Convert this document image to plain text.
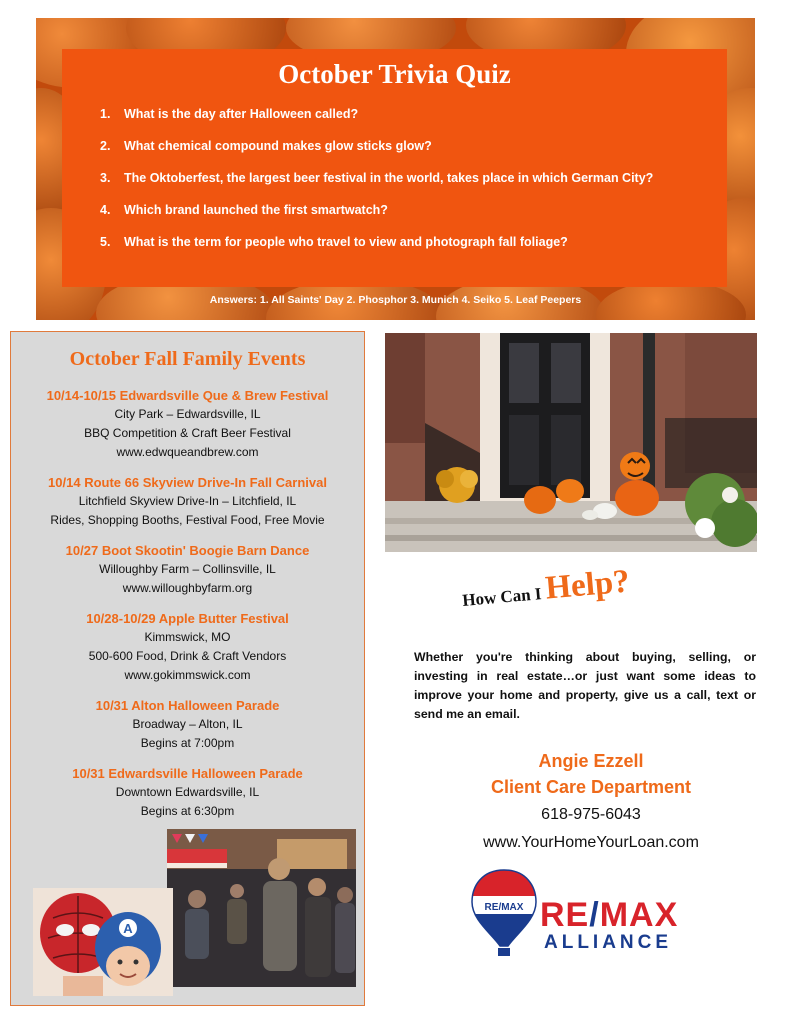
October Trivia Quiz
1. What is the day after Halloween called?
2. What chemical compound makes glow sticks glow?
3. The Oktoberfest, the largest beer festival in the world, takes place in which German City?
4. Which brand launched the first smartwatch?
5. What is the term for people who travel to view and photograph fall foliage?
Answers: 1. All Saints' Day 2. Phosphor 3. Munich 4. Seiko 5. Leaf Peepers
October Fall Family Events
10/14-10/15 Edwardsville Que & Brew Festival
City Park – Edwardsville, IL
BBQ Competition & Craft Beer Festival
www.edwqueandbrew.com
10/14 Route 66 Skyview Drive-In Fall Carnival
Litchfield Skyview Drive-In – Litchfield, IL
Rides, Shopping Booths, Festival Food, Free Movie
10/27 Boot Skootin' Boogie Barn Dance
Willoughby Farm – Collinsville, IL
www.willoughbyfarm.org
10/28-10/29 Apple Butter Festival
Kimmswick, MO
500-600 Food, Drink & Craft Vendors
www.gokimmswick.com
10/31 Alton Halloween Parade
Broadway – Alton, IL
Begins at 7:00pm
10/31 Edwardsville Halloween Parade
Downtown Edwardsville, IL
Begins at 6:30pm
A
How Can I Help?
Whether you're thinking about buying, selling, or investing in real estate…or just want some ideas to improve your home and property, give us a call, text or send me an email.
Angie Ezzell
Client Care Department
618-975-6043
www.YourHomeYourLoan.com
RE/MAX RE/MAX
ALLIANCE
